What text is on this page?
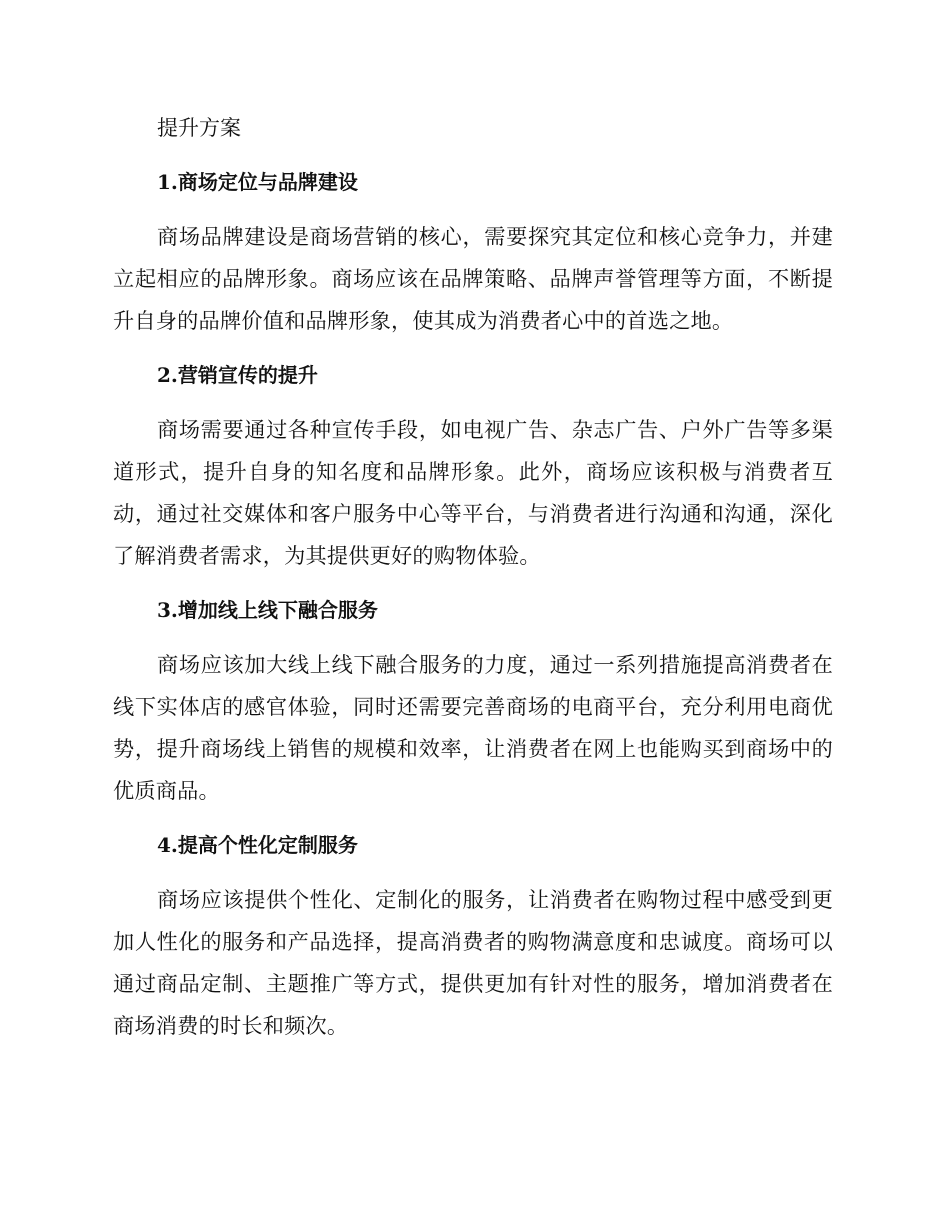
提升方案
1.商场定位与品牌建设

商场品牌建设是商场营销的核心，需要探究其定位和核心竞争力，并建立起相应的品牌形象。商场应该在品牌策略、品牌声誉管理等方面，不断提升自身的品牌价值和品牌形象，使其成为消费者心中的首选之地。

2.营销宣传的提升

商场需要通过各种宣传手段，如电视广告、杂志广告、户外广告等多渠道形式，提升自身的知名度和品牌形象。此外，商场应该积极与消费者互动，通过社交媒体和客户服务中心等平台，与消费者进行沟通和沟通，深化了解消费者需求，为其提供更好的购物体验。

3.增加线上线下融合服务

商场应该加大线上线下融合服务的力度，通过一系列措施提高消费者在线下实体店的感官体验，同时还需要完善商场的电商平台，充分利用电商优势，提升商场线上销售的规模和效率，让消费者在网上也能购买到商场中的优质商品。

4.提高个性化定制服务

商场应该提供个性化、定制化的服务，让消费者在购物过程中感受到更加人性化的服务和产品选择，提高消费者的购物满意度和忠诚度。商场可以通过商品定制、主题推广等方式，提供更加有针对性的服务，增加消费者在商场消费的时长和频次。
